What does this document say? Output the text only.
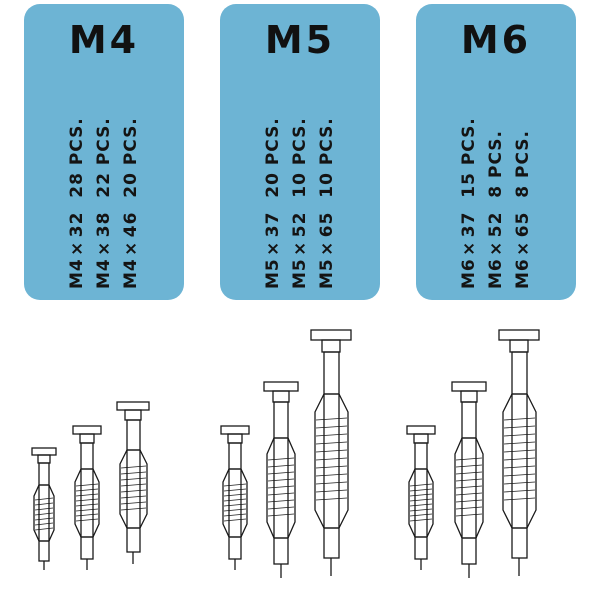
M4
M4×32  28 PCS. M4×38  22 PCS. M4×46  20 PCS.
M5
M5×37  20 PCS. M5×52  10 PCS. M5×65  10 PCS.
M6
M6×37  15 PCS. M6×52  8 PCS. M6×65  8 PCS.
